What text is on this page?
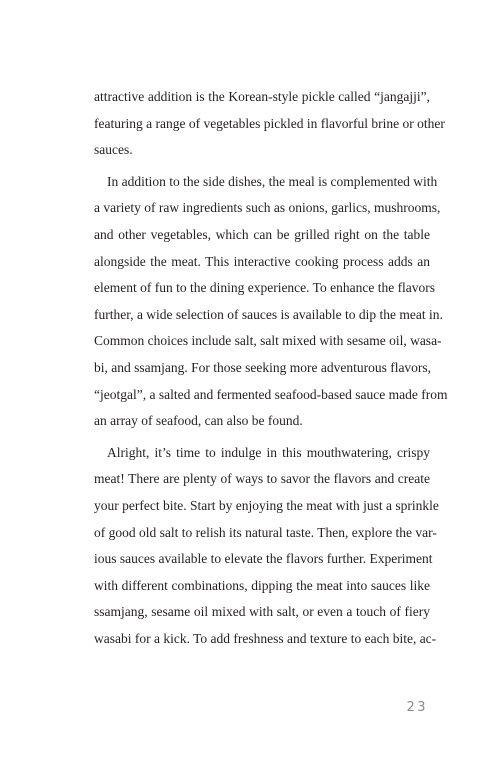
attractive addition is the Korean-style pickle called “jangajji”,
featuring a range of vegetables pickled in flavorful brine or other
sauces.
In addition to the side dishes, the meal is complemented with
a variety of raw ingredients such as onions, garlics, mushrooms,
and other vegetables, which can be grilled right on the table
alongside the meat. This interactive cooking process adds an
element of fun to the dining experience. To enhance the flavors
further, a wide selection of sauces is available to dip the meat in.
Common choices include salt, salt mixed with sesame oil, wasa-
bi, and ssamjang. For those seeking more adventurous flavors,
“jeotgal”, a salted and fermented seafood-based sauce made from
an array of seafood, can also be found.
Alright, it’s time to indulge in this mouthwatering, crispy
meat! There are plenty of ways to savor the flavors and create
your perfect bite. Start by enjoying the meat with just a sprinkle
of good old salt to relish its natural taste. Then, explore the var-
ious sauces available to elevate the flavors further. Experiment
with different combinations, dipping the meat into sauces like
ssamjang, sesame oil mixed with salt, or even a touch of fiery
wasabi for a kick. To add freshness and texture to each bite, ac-
23
